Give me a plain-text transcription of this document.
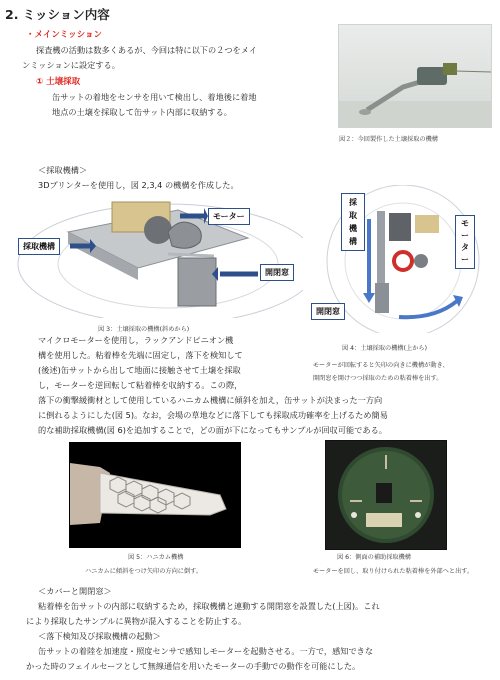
2. ミッション内容
・メインミッション
探査機の活動は数多くあるが、今回は特に以下の２つをメイ
ンミッションに設定する。
① 土壌採取
缶サットの着地をセンサを用いて検出し、着地後に着地
地点の土壌を採取して缶サット内部に収納する。
図２：今回製作した土壌採取の機構
＜採取機構＞
3Dプリンターを使用し，図 2,3,4 の機構を作成した。
モーター
採取機構
開閉窓
図 3：土壌採取の機構(斜めから)
採取機構
モーター
開閉窓
図 4：土壌採取の機構(上から)
モーターが回転すると矢印の向きに機構が動き、
開閉窓を開けつつ採取のための粘着棒を出す。
マイクロモーターを使用し，ラックアンドピニオン機
構を使用した。粘着棒を先端に固定し，落下を検知して
(後述)缶サットから出して地面に接触させて土壌を採取
し，モーターを逆回転して粘着棒を収納する。この際，
落下の衝撃緩衝材として使用しているハニカム機構に傾斜を加え，缶サットが決まった一方向
に倒れるようにした(図 5)。なお，会場の草地などに落下しても採取成功確率を上げるため簡易
的な補助採取機構(図 6)を追加することで，どの面が下になってもサンプルが回収可能である。
図 5：ハニカム機構
ハニカムに傾斜をつけ矢印の方向に倒す。
図 6：側面の補助採取機構
モーターを回し、取り付けられた粘着棒を外部へと出す。
＜カバーと開閉窓＞
粘着棒を缶サットの内部に収納するため，採取機構と連動する開閉窓を設置した(上図)。これ
により採取したサンプルに異物が混入することを防止する。
＜落下検知及び採取機構の起動＞
缶サットの着陸を加速度・照度センサで感知しモーターを起動させる。一方で，感知できな
かった時のフェイルセーフとして無線通信を用いたモーターの手動での動作を可能にした。
